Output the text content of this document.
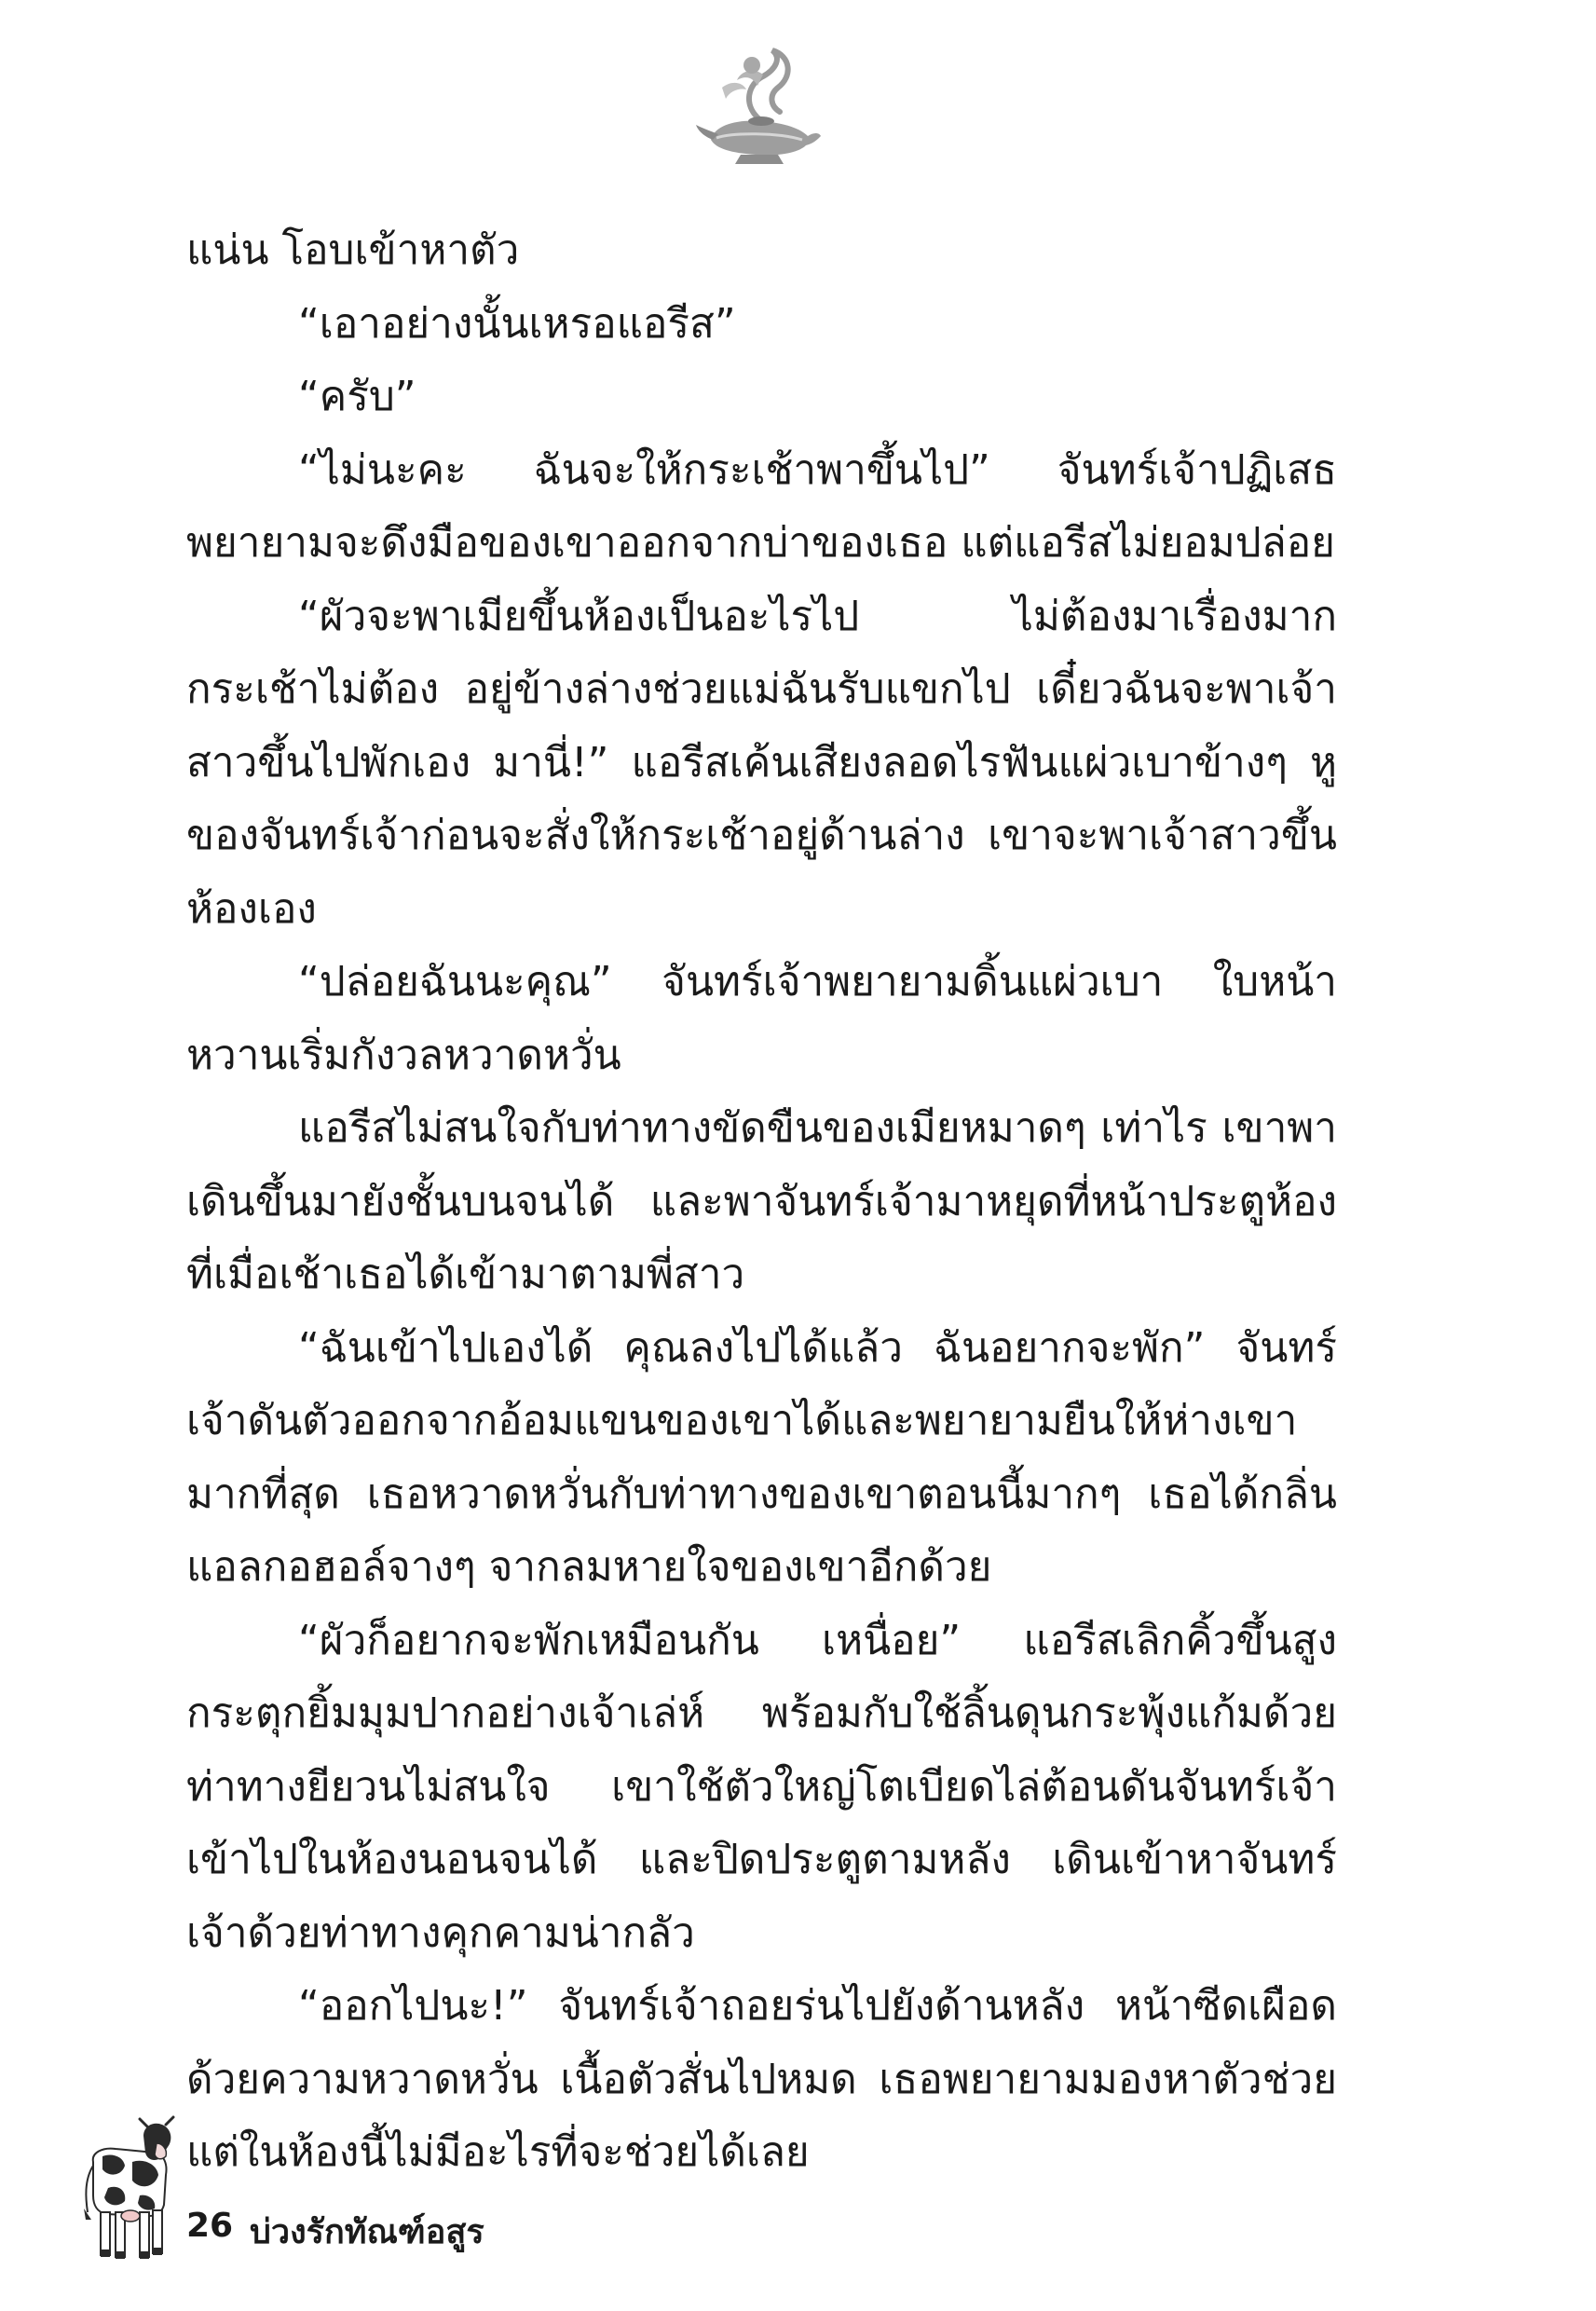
แน่น โอบเข้าหาตัว

“เอาอย่างนั้นเหรอแอรีส”

“ครับ”

“ไม่นะคะ ฉันจะให้กระเช้าพาขึ้นไป” จันทร์เจ้าปฏิเสธ พยายามจะดึงมือของเขาออกจากบ่าของเธอ แต่แอรีสไม่ยอมปล่อย

“ผัวจะพาเมียขึ้นห้องเป็นอะไรไป ไม่ต้องมาเรื่องมาก กระเช้าไม่ต้อง อยู่ข้างล่างช่วยแม่ฉันรับแขกไป เดี๋ยวฉันจะพาเจ้าสาวขึ้นไปพักเอง มานี่!” แอรีสเค้นเสียงลอดไรฟันแผ่วเบาข้างๆ หูของจันทร์เจ้าก่อนจะสั่งให้กระเช้าอยู่ด้านล่าง เขาจะพาเจ้าสาวขึ้นห้องเอง

“ปล่อยฉันนะคุณ” จันทร์เจ้าพยายามดิ้นแผ่วเบา ใบหน้าหวานเริ่มกังวลหวาดหวั่น

แอรีสไม่สนใจกับท่าทางขัดขืนของเมียหมาดๆ เท่าไร เขาพาเดินขึ้นมายังชั้นบนจนได้ และพาจันทร์เจ้ามาหยุดที่หน้าประตูห้องที่เมื่อเช้าเธอได้เข้ามาตามพี่สาว

“ฉันเข้าไปเองได้ คุณลงไปได้แล้ว ฉันอยากจะพัก” จันทร์เจ้าดันตัวออกจากอ้อมแขนของเขาได้และพยายามยืนให้ห่างเขามากที่สุด เธอหวาดหวั่นกับท่าทางของเขาตอนนี้มากๆ เธอได้กลิ่นแอลกอฮอล์จางๆ จากลมหายใจของเขาอีกด้วย

“ผัวก็อยากจะพักเหมือนกัน เหนื่อย” แอรีสเลิกคิ้วขึ้นสูง กระตุกยิ้มมุมปากอย่างเจ้าเล่ห์ พร้อมกับใช้ลิ้นดุนกระพุ้งแก้มด้วยท่าทางยียวนไม่สนใจ เขาใช้ตัวใหญ่โตเบียดไล่ต้อนดันจันทร์เจ้าเข้าไปในห้องนอนจนได้ และปิดประตูตามหลัง เดินเข้าหาจันทร์เจ้าด้วยท่าทางคุกคามน่ากลัว

“ออกไปนะ!” จันทร์เจ้าถอยร่นไปยังด้านหลัง หน้าซีดเผือดด้วยความหวาดหวั่น เนื้อตัวสั่นไปหมด เธอพยายามมองหาตัวช่วย แต่ในห้องนี้ไม่มีอะไรที่จะช่วยได้เลย

26 บ่วงรักทัณฑ์อสูร
